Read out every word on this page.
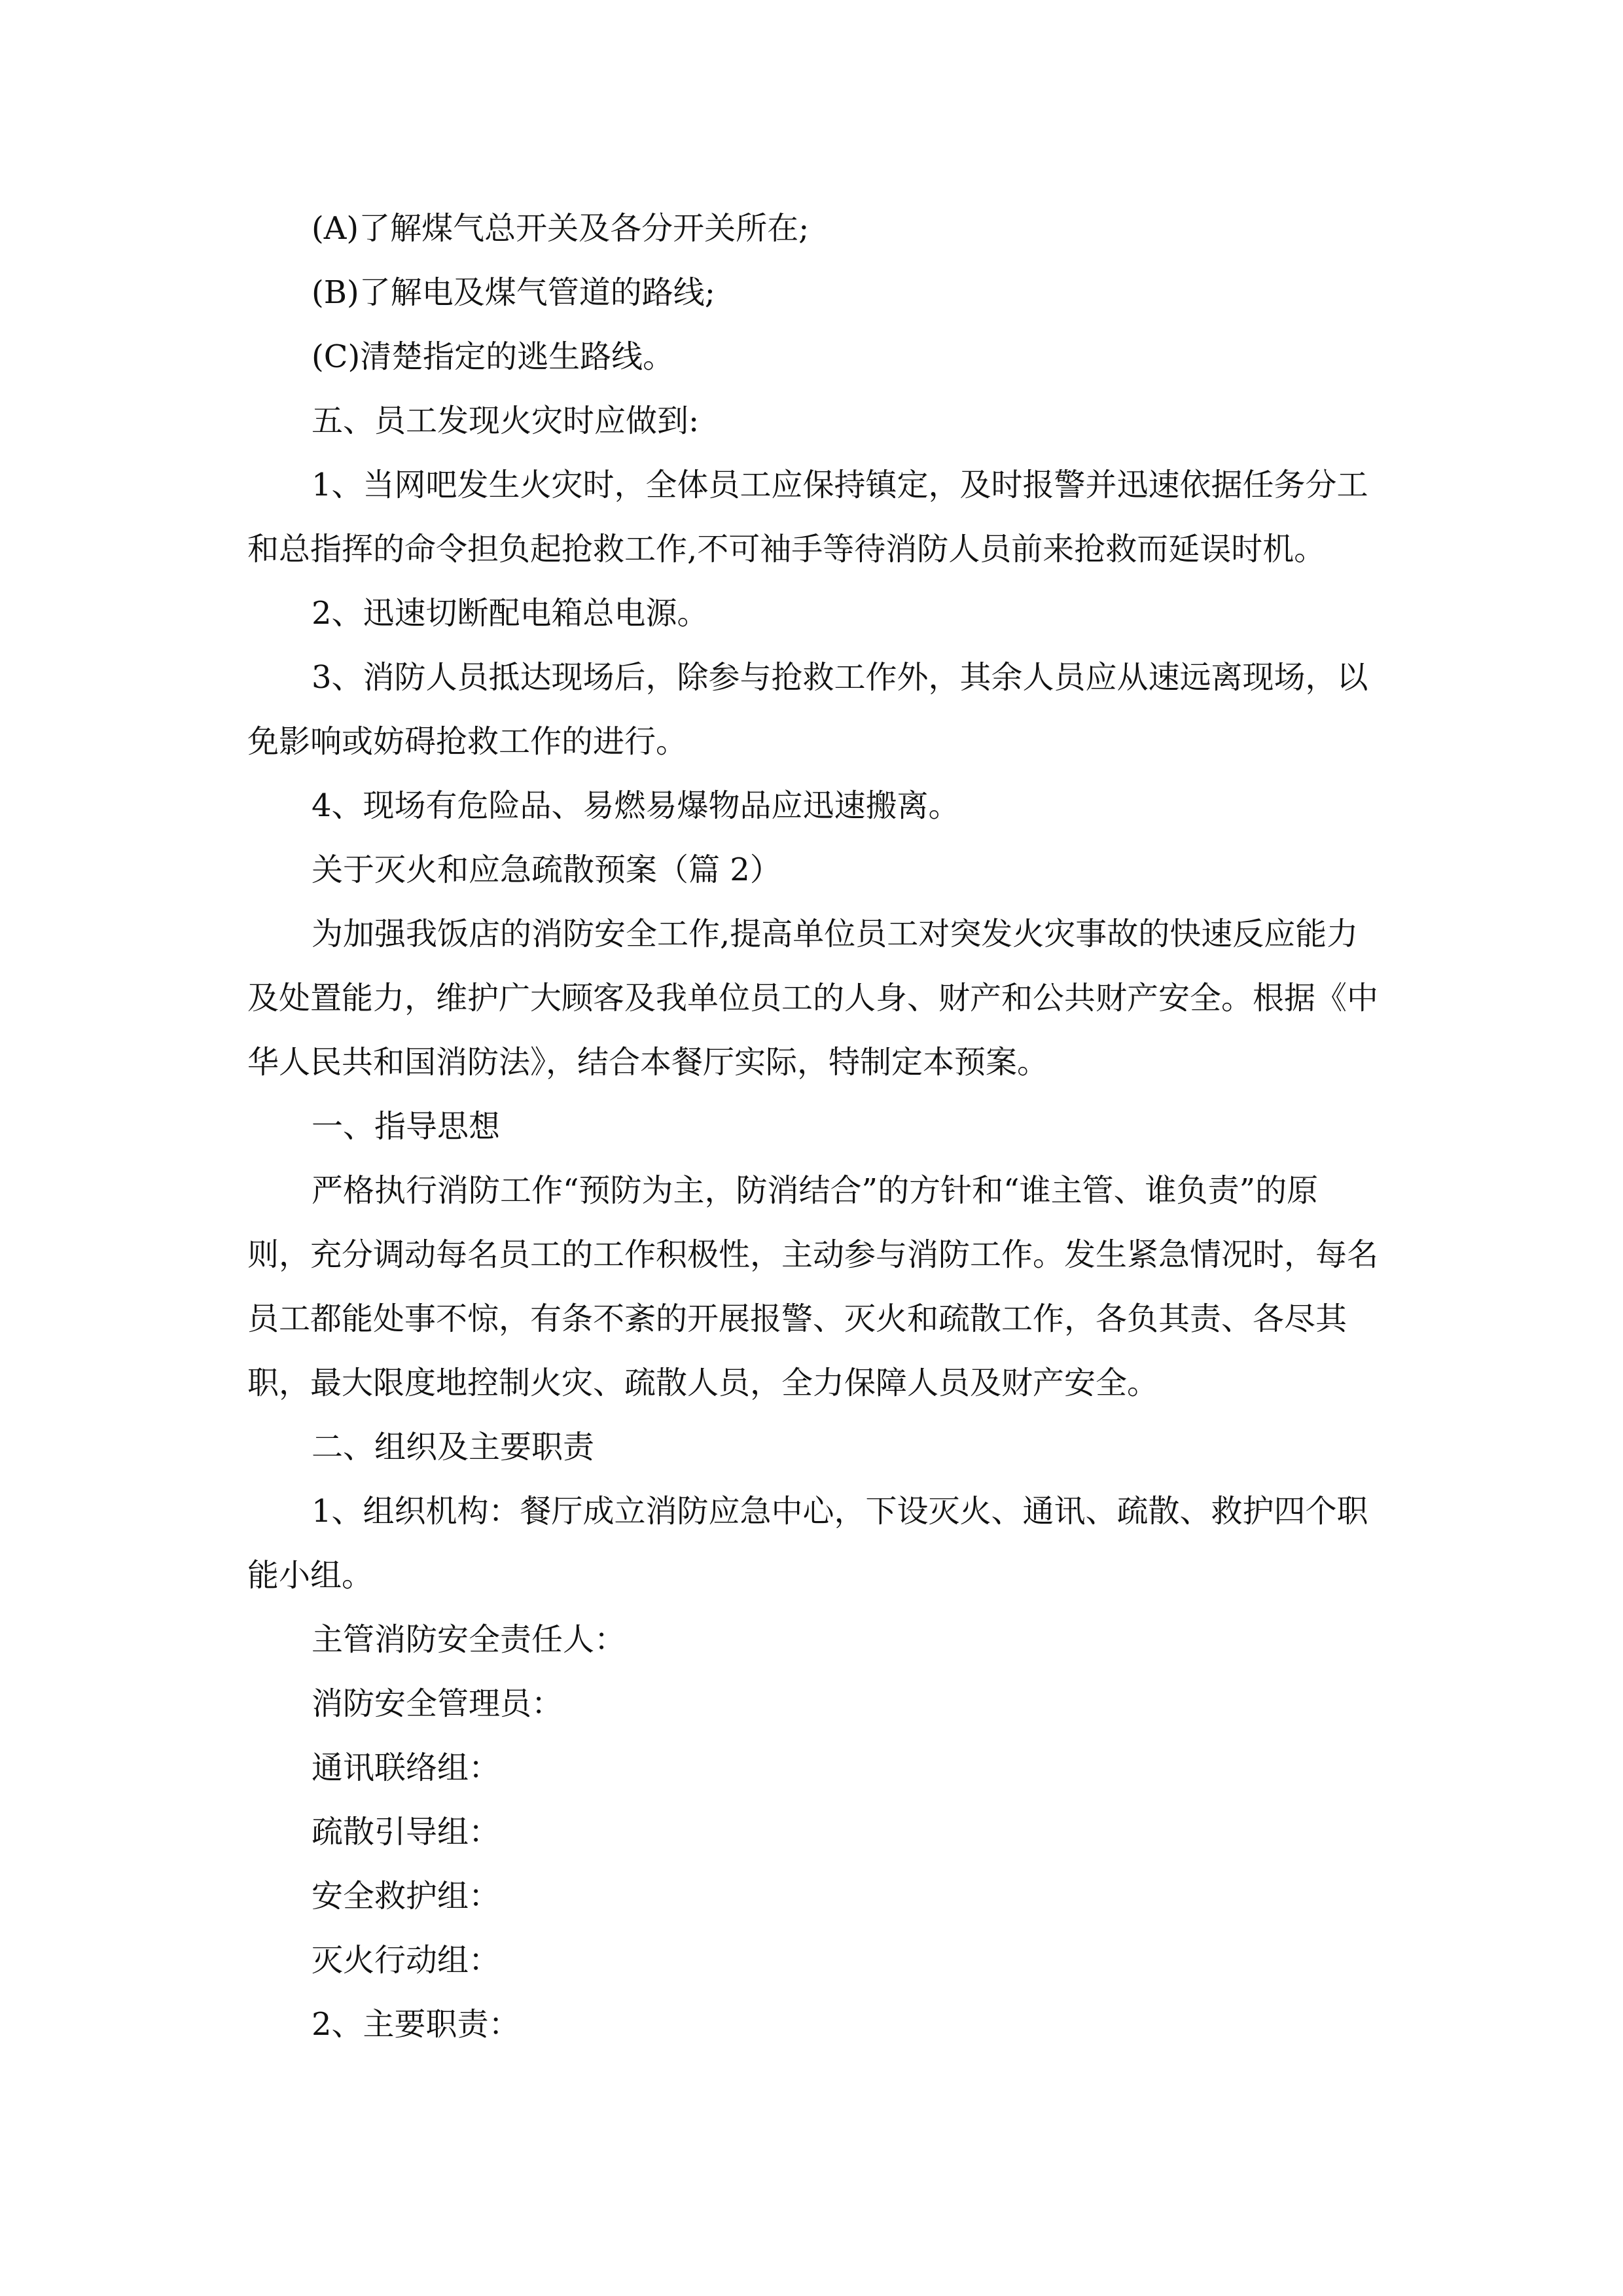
(A)了解煤气总开关及各分开关所在;

(B)了解电及煤气管道的路线;

(C)清楚指定的逃生路线。

五、员工发现火灾时应做到:

1、当网吧发生火灾时，全体员工应保持镇定，及时报警并迅速依据任务分工和总指挥的命令担负起抢救工作,不可袖手等待消防人员前来抢救而延误时机。

2、迅速切断配电箱总电源。

3、消防人员抵达现场后，除参与抢救工作外，其余人员应从速远离现场，以免影响或妨碍抢救工作的进行。

4、现场有危险品、易燃易爆物品应迅速搬离。

关于灭火和应急疏散预案（篇 2）

为加强我饭店的消防安全工作,提高单位员工对突发火灾事故的快速反应能力及处置能力，维护广大顾客及我单位员工的人身、财产和公共财产安全。根据《中华人民共和国消防法》，结合本餐厅实际，特制定本预案。

一、指导思想

严格执行消防工作“预防为主，防消结合”的方针和“谁主管、谁负责”的原则，充分调动每名员工的工作积极性，主动参与消防工作。发生紧急情况时，每名员工都能处事不惊，有条不紊的开展报警、灭火和疏散工作，各负其责、各尽其职，最大限度地控制火灾、疏散人员，全力保障人员及财产安全。

二、组织及主要职责

1、组织机构：餐厅成立消防应急中心，下设灭火、通讯、疏散、救护四个职能小组。

主管消防安全责任人：

消防安全管理员：

通讯联络组：

疏散引导组：

安全救护组：

灭火行动组：

2、主要职责：
